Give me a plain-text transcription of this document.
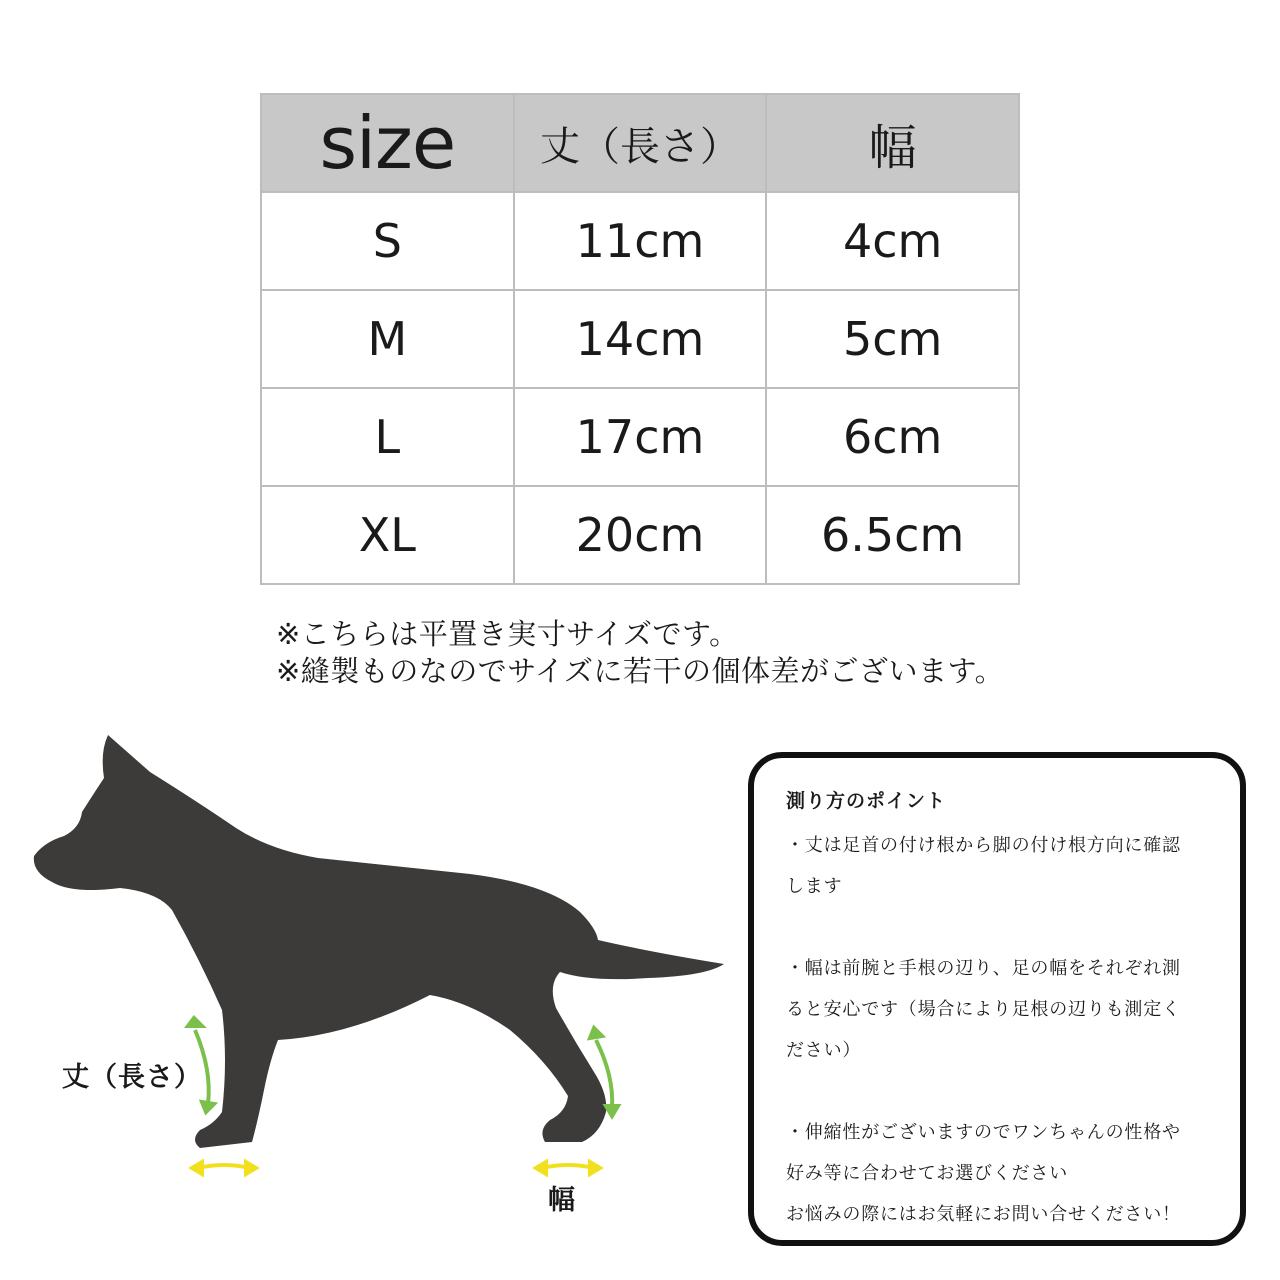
size	丈（長さ）	幅
S	11cm	4cm
M	14cm	5cm
L	17cm	6cm
XL	20cm	6.5cm

※こちらは平置き実寸サイズです。

※縫製ものなのでサイズに若干の個体差がございます。

丈（長さ）
幅
測り方のポイント

・丈は足首の付け根から脚の付け根方向に確認

します

・幅は前腕と手根の辺り、足の幅をそれぞれ測

ると安心です（場合により足根の辺りも測定く

ださい）

・伸縮性がございますのでワンちゃんの性格や

好み等に合わせてお選びください

お悩みの際にはお気軽にお問い合せください！
